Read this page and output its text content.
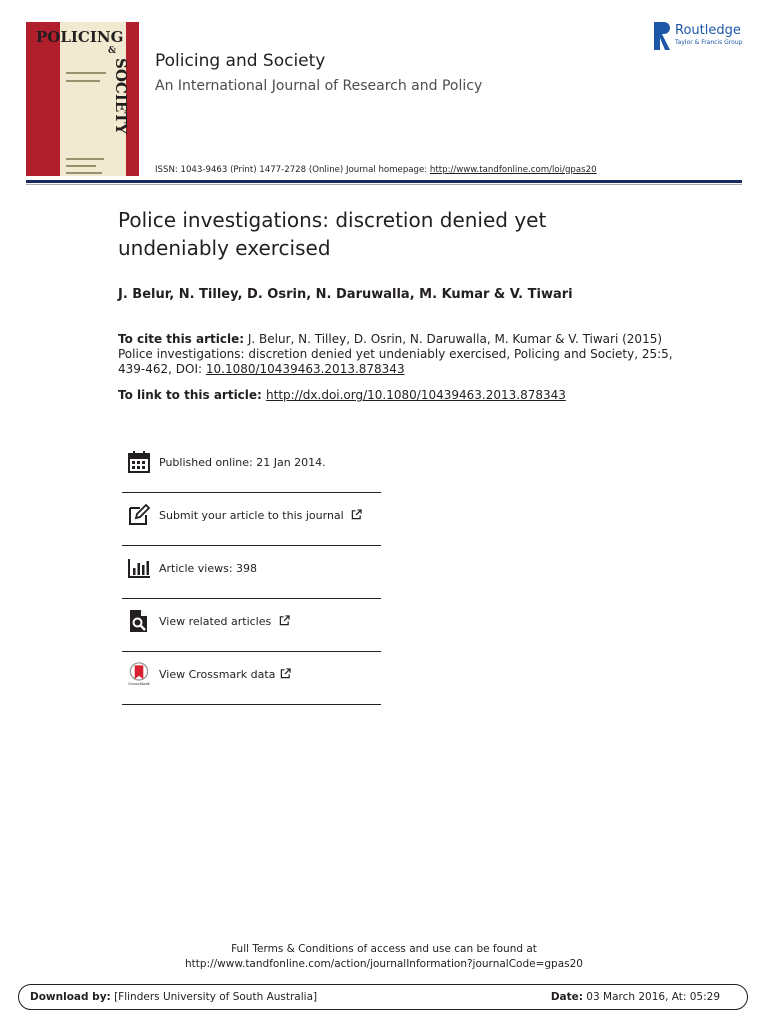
POLICING
&
SOCIETY Policing and Society
An International Journal of Research and Policy
Routledge
Taylor & Francis Group
ISSN: 1043-9463 (Print) 1477-2728 (Online) Journal homepage: http://www.tandfonline.com/loi/gpas20
Police investigations: discretion denied yet undeniably exercised
J. Belur, N. Tilley, D. Osrin, N. Daruwalla, M. Kumar & V. Tiwari
To cite this article: J. Belur, N. Tilley, D. Osrin, N. Daruwalla, M. Kumar & V. Tiwari (2015) Police investigations: discretion denied yet undeniably exercised, Policing and Society, 25:5, 439-462, DOI: 10.1080/10439463.2013.878343
To link to this article: http://dx.doi.org/10.1080/10439463.2013.878343
Published online: 21 Jan 2014.
Submit your article to this journal
Article views: 398
View related articles
CrossMark
View Crossmark data
Full Terms & Conditions of access and use can be found at
http://www.tandfonline.com/action/journalInformation?journalCode=gpas20
Download by: [Flinders University of South Australia]	Date: 03 March 2016, At: 05:29
